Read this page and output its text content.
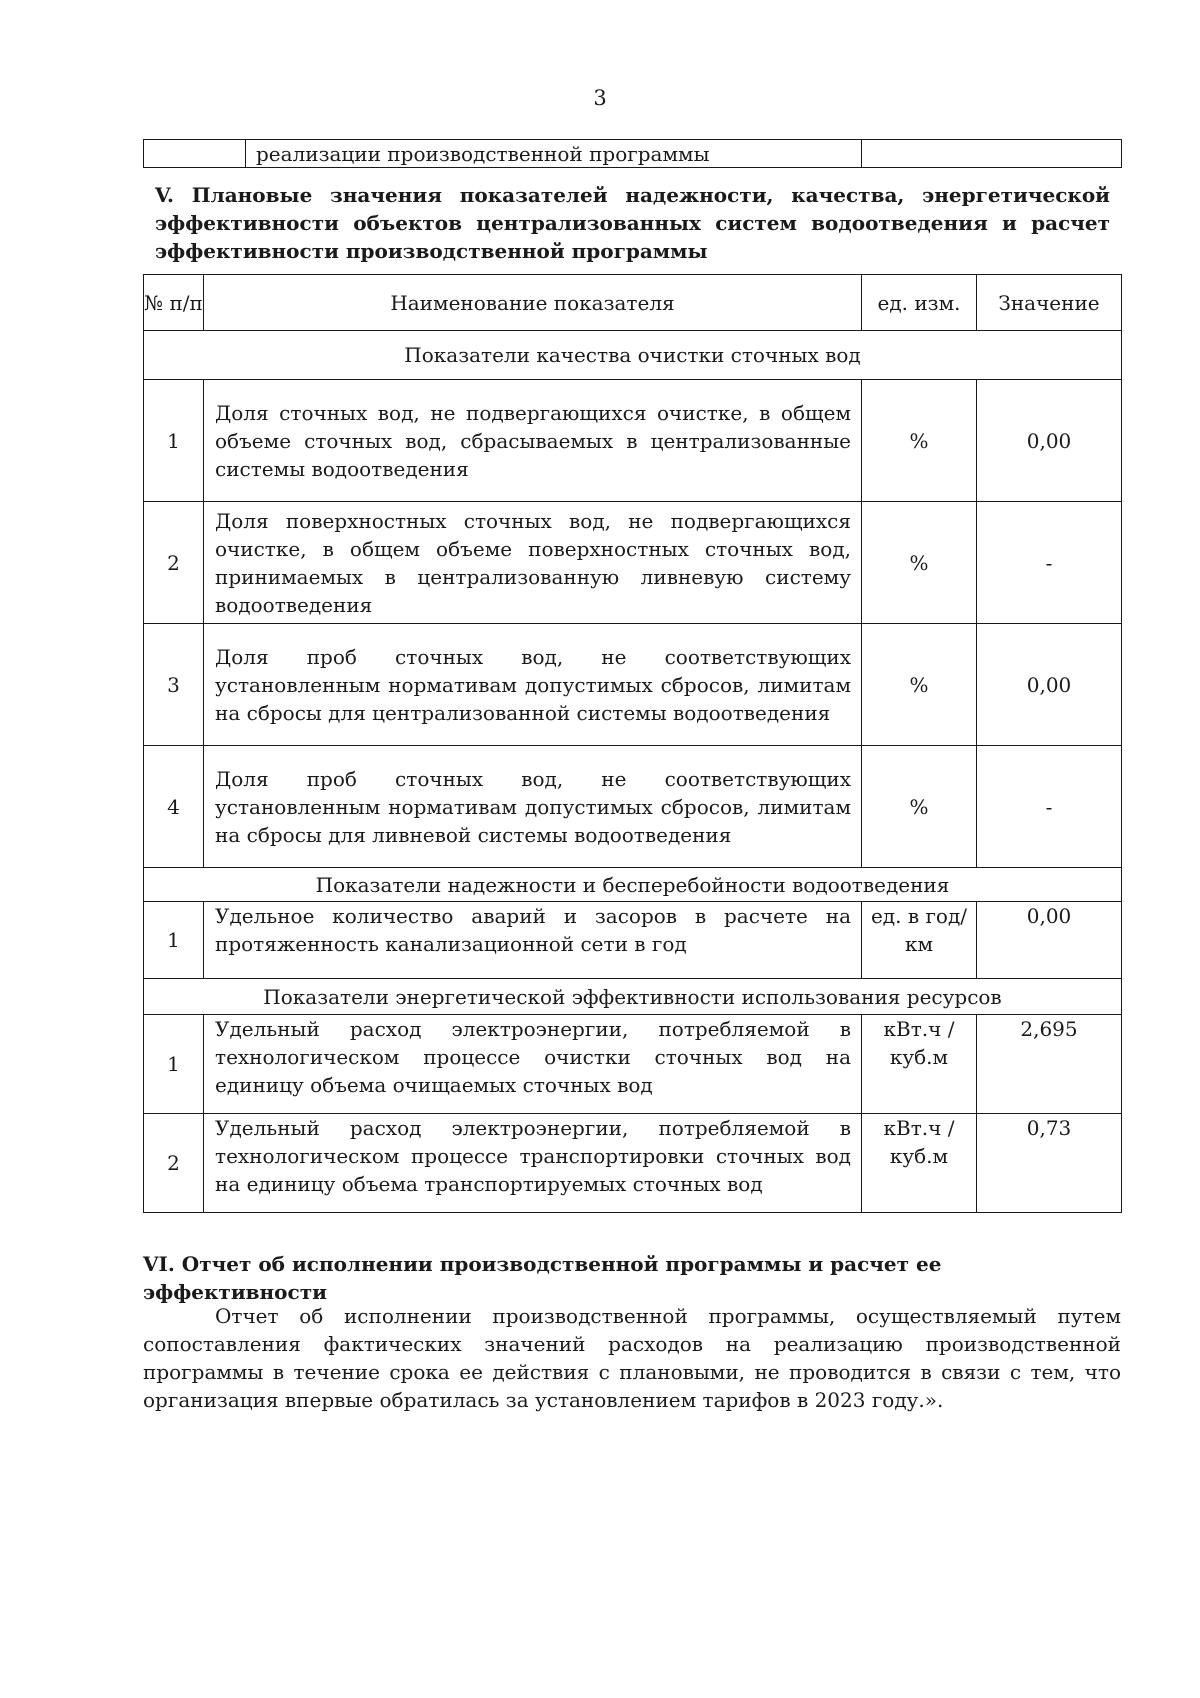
3
	реализации производственной программы	
V. Плановые значения показателей надежности, качества, энергетической эффективности объектов централизованных систем водоотведения и расчет эффективности производственной программы
№ п/п	Наименование показателя	ед. изм.	Значение
Показатели качества очистки сточных вод			
1	Доля сточных вод, не подвергающихся очистке, в общем объеме сточных вод, сбрасываемых в централизованные системы водоотведения	%	0,00
2	Доля поверхностных сточных вод, не подвергающихся очистке, в общем объеме поверхностных сточных вод, принимаемых в централизованную ливневую систему водоотведения	%	-
3	Доля проб сточных вод, не соответствующих установленным нормативам допустимых сбросов, лимитам на сбросы для централизованной системы водоотведения	%	0,00
4	Доля проб сточных вод, не соответствующих установленным нормативам допустимых сбросов, лимитам на сбросы для ливневой системы водоотведения	%	-
Показатели надежности и бесперебойности водоотведения			
1	Удельное количество аварий и засоров в расчете на протяженность канализационной сети в год	ед. в год/ км	0,00
Показатели энергетической эффективности использования ресурсов			
1	Удельный расход электроэнергии, потребляемой в технологическом процессе очистки сточных вод на единицу объема очищаемых сточных вод	кВт.ч / куб.м	2,695
2	Удельный расход электроэнергии, потребляемой в технологическом процессе транспортировки сточных вод на единицу объема транспортируемых сточных вод	кВт.ч / куб.м	0,73
VI. Отчет об исполнении производственной программы и расчет ее эффективности
Отчет об исполнении производственной программы, осуществляемый путем сопоставления фактических значений расходов на реализацию производственной программы в течение срока ее действия с плановыми, не проводится в связи с тем, что организация впервые обратилась за установлением тарифов в 2023 году.».
